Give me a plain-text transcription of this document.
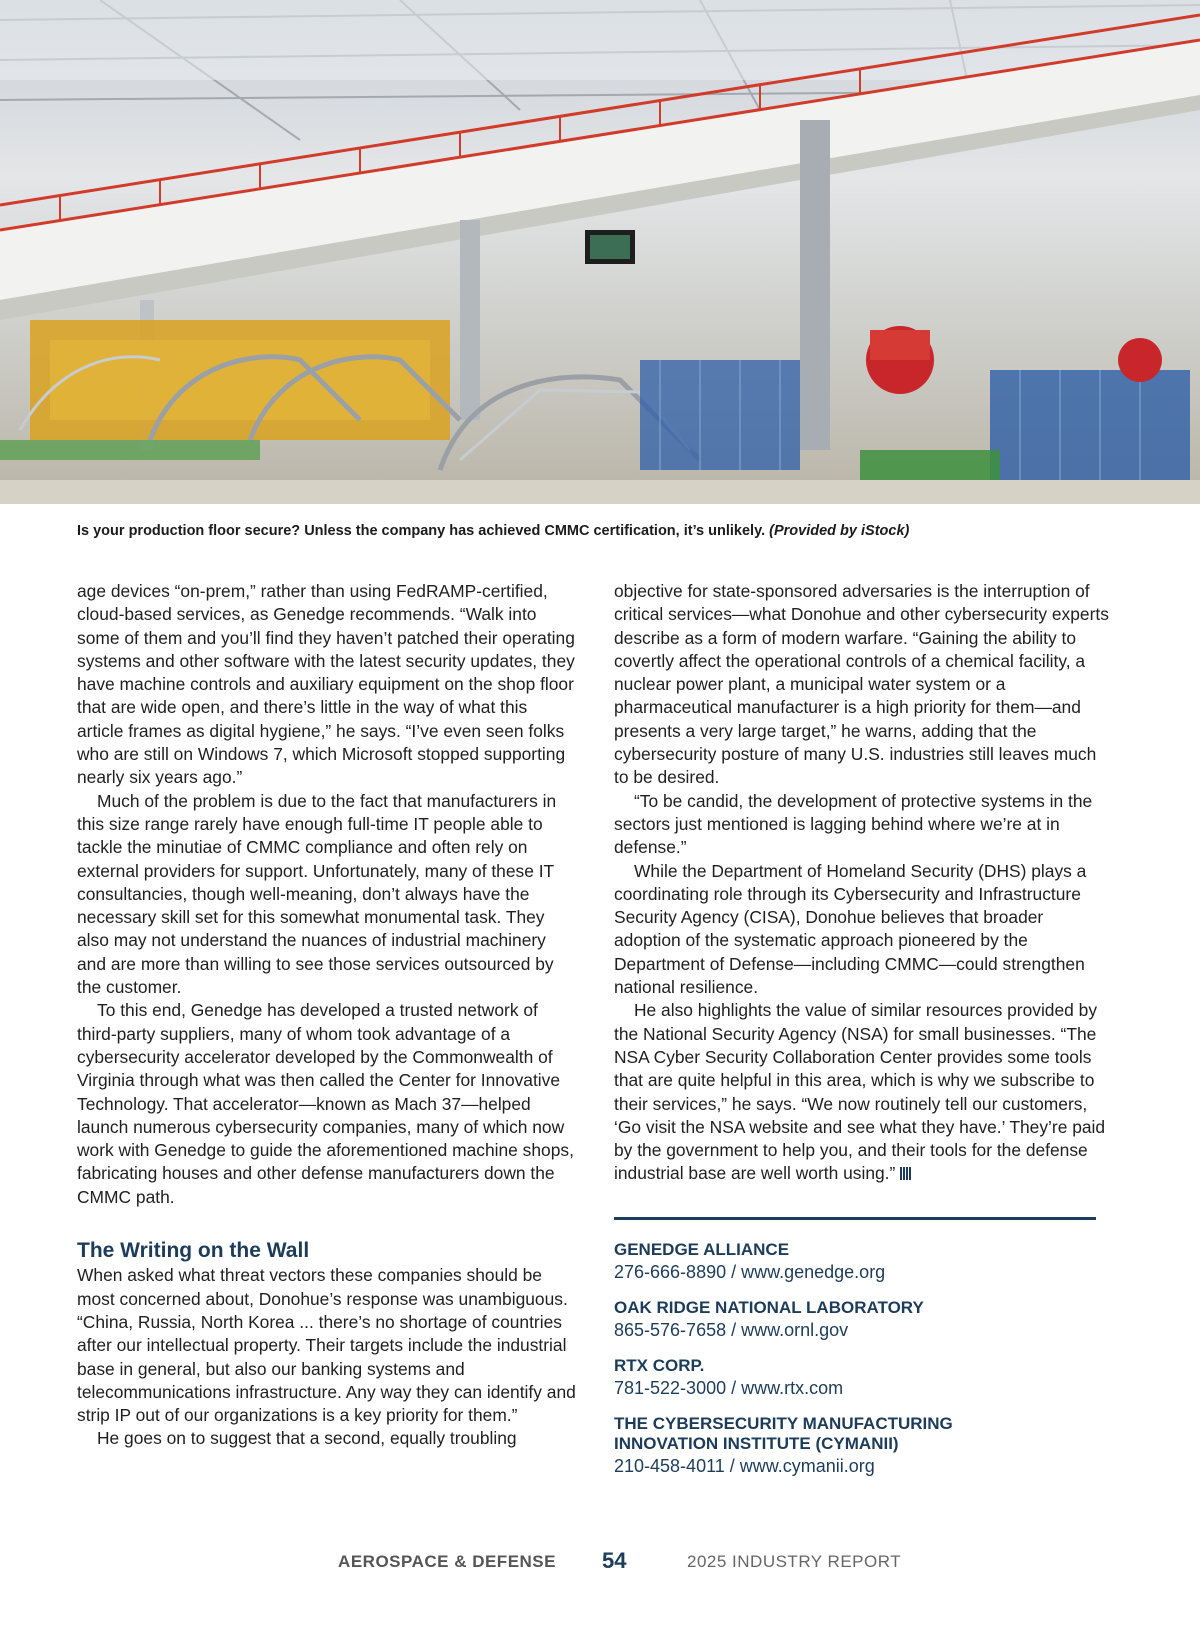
Is your production floor secure? Unless the company has achieved CMMC certification, it’s unlikely. (Provided by iStock)

age devices “on-prem,” rather than using FedRAMP-certified, cloud-based services, as Genedge recommends. “Walk into some of them and you’ll find they haven’t patched their operating systems and other software with the latest security updates, they have machine controls and auxiliary equipment on the shop floor that are wide open, and there’s little in the way of what this article frames as digital hygiene,” he says. “I’ve even seen folks who are still on Windows 7, which Microsoft stopped supporting nearly six years ago.”

Much of the problem is due to the fact that manufacturers in this size range rarely have enough full-time IT people able to tackle the minutiae of CMMC compliance and often rely on external providers for support. Unfortunately, many of these IT consultancies, though well-meaning, don’t always have the necessary skill set for this somewhat monumental task. They also may not understand the nuances of industrial machinery and are more than willing to see those services outsourced by the customer.

To this end, Genedge has developed a trusted network of third-party suppliers, many of whom took advantage of a cybersecurity accelerator developed by the Commonwealth of Virginia through what was then called the Center for Innovative Technology. That accelerator—known as Mach 37—helped launch numerous cybersecurity companies, many of which now work with Genedge to guide the aforementioned machine shops, fabricating houses and other defense manufacturers down the CMMC path.

The Writing on the Wall

When asked what threat vectors these companies should be most concerned about, Donohue’s response was unambiguous. “China, Russia, North Korea ... there’s no shortage of countries after our intellectual property. Their targets include the industrial base in general, but also our banking systems and telecommunications infrastructure. Any way they can identify and strip IP out of our organizations is a key priority for them.”

He goes on to suggest that a second, equally troubling

objective for state-sponsored adversaries is the interruption of critical services—what Donohue and other cybersecurity experts describe as a form of modern warfare. “Gaining the ability to covertly affect the operational controls of a chemical facility, a nuclear power plant, a municipal water system or a pharmaceutical manufacturer is a high priority for them—and presents a very large target,” he warns, adding that the cybersecurity posture of many U.S. industries still leaves much to be desired.

“To be candid, the development of protective systems in the sectors just mentioned is lagging behind where we’re at in defense.”

While the Department of Homeland Security (DHS) plays a coordinating role through its Cybersecurity and Infrastructure Security Agency (CISA), Donohue believes that broader adoption of the systematic approach pioneered by the Department of Defense—including CMMC—could strengthen national resilience.

He also highlights the value of similar resources provided by the National Security Agency (NSA) for small businesses. “The NSA Cyber Security Collaboration Center provides some tools that are quite helpful in this area, which is why we subscribe to their services,” he says. “We now routinely tell our customers, ‘Go visit the NSA website and see what they have.’ They’re paid by the government to help you, and their tools for the defense industrial base are well worth using.”

GENEDGE ALLIANCE
276-666-8890 / www.genedge.org
OAK RIDGE NATIONAL LABORATORY
865-576-7658 / www.ornl.gov
RTX CORP.
781-522-3000 / www.rtx.com
THE CYBERSECURITY MANUFACTURING
INNOVATION INSTITUTE (CYMANII)
210-458-4011 / www.cymanii.org
AEROSPACE & DEFENSE 54	2025 INDUSTRY REPORT
